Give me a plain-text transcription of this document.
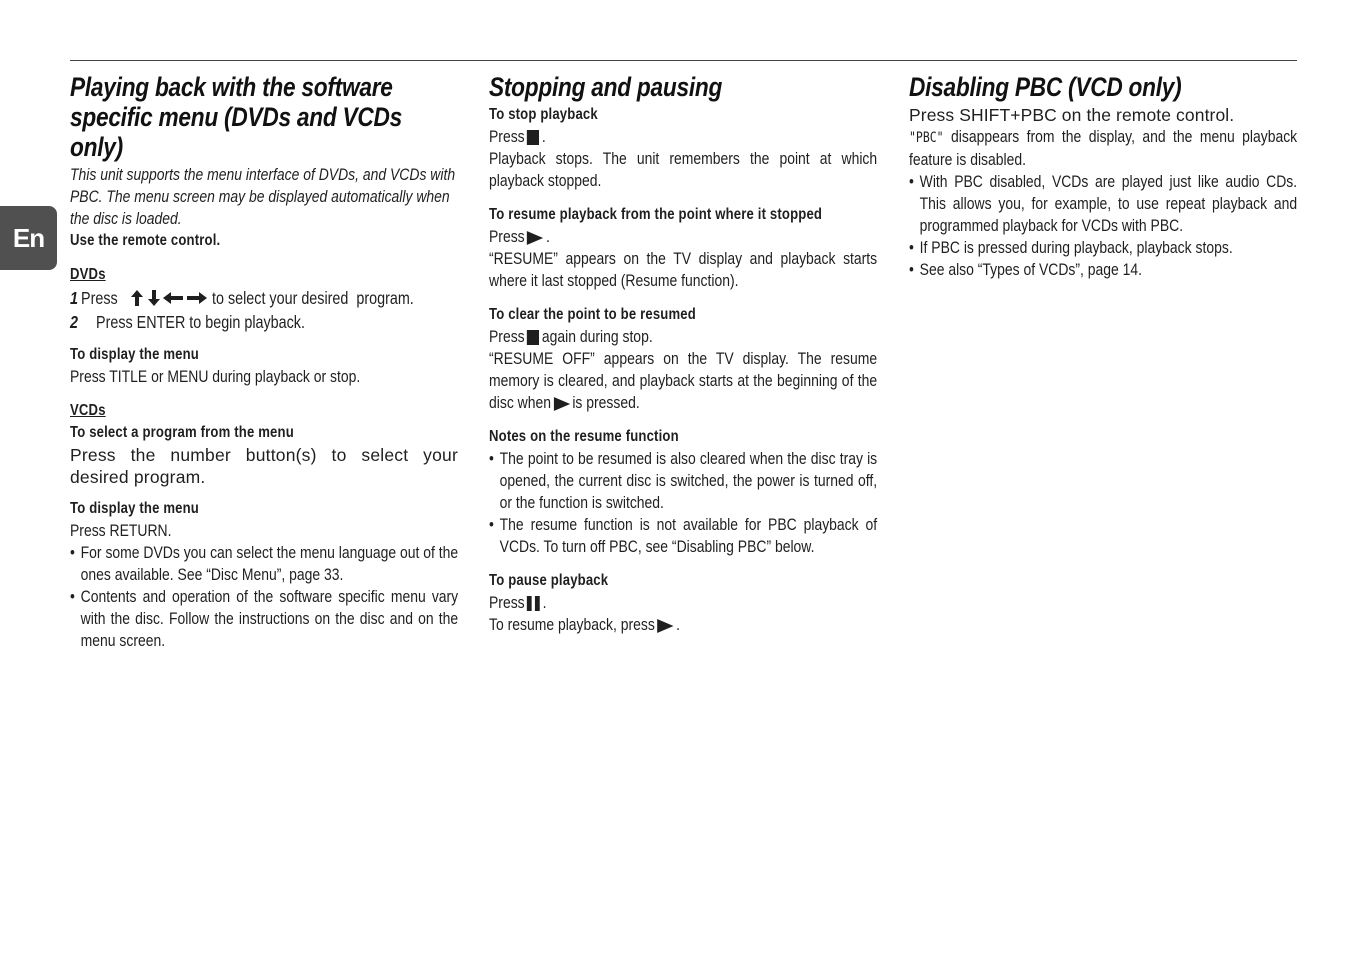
En
Playing back with the software specific menu (DVDs and VCDs only)

This unit supports the menu interface of DVDs, and VCDs with PBC. The menu screen may be displayed automatically when the disc is loaded.

Use the remote control.

DVDs

1 Press	to select your desired  program.
2	Press ENTER to begin playback.

To display the menu

Press TITLE or MENU during playback or stop.

VCDs

To select a program from the menu

Press the number button(s) to select your desired program.

To display the menu

Press RETURN.

• For some DVDs you can select the menu language out of the ones available. See “Disc Menu”, page 33.

• Contents and operation of the software specific menu vary with the disc. Follow the instructions on the disc and on the menu screen.

Stopping and pausing

To stop playback

Press .

Playback stops. The unit remembers the point at which playback stopped.

To resume playback from the point where it stopped

Press .

“RESUME” appears on the TV display and playback starts where it last stopped (Resume function).

To clear the point to be resumed

Press again during stop.

“RESUME OFF” appears on the TV display. The resume memory is cleared, and playback starts at the beginning of the disc when is pressed.

Notes on the resume function

• The point to be resumed is also cleared when the disc tray is opened, the current disc is switched, the power is turned off, or the function is switched.

• The resume function is not available for PBC playback of VCDs. To turn off PBC, see “Disabling PBC” below.

To pause playback

Press .

To resume playback, press .

Disabling PBC (VCD only)

Press SHIFT+PBC on the remote control.

"PBC" disappears from the display, and the menu playback feature is disabled.

• With PBC disabled, VCDs are played just like audio CDs. This allows you, for example, to use repeat playback and programmed playback for VCDs with PBC.

• If PBC is pressed during playback, playback stops.

• See also “Types of VCDs”, page 14.
